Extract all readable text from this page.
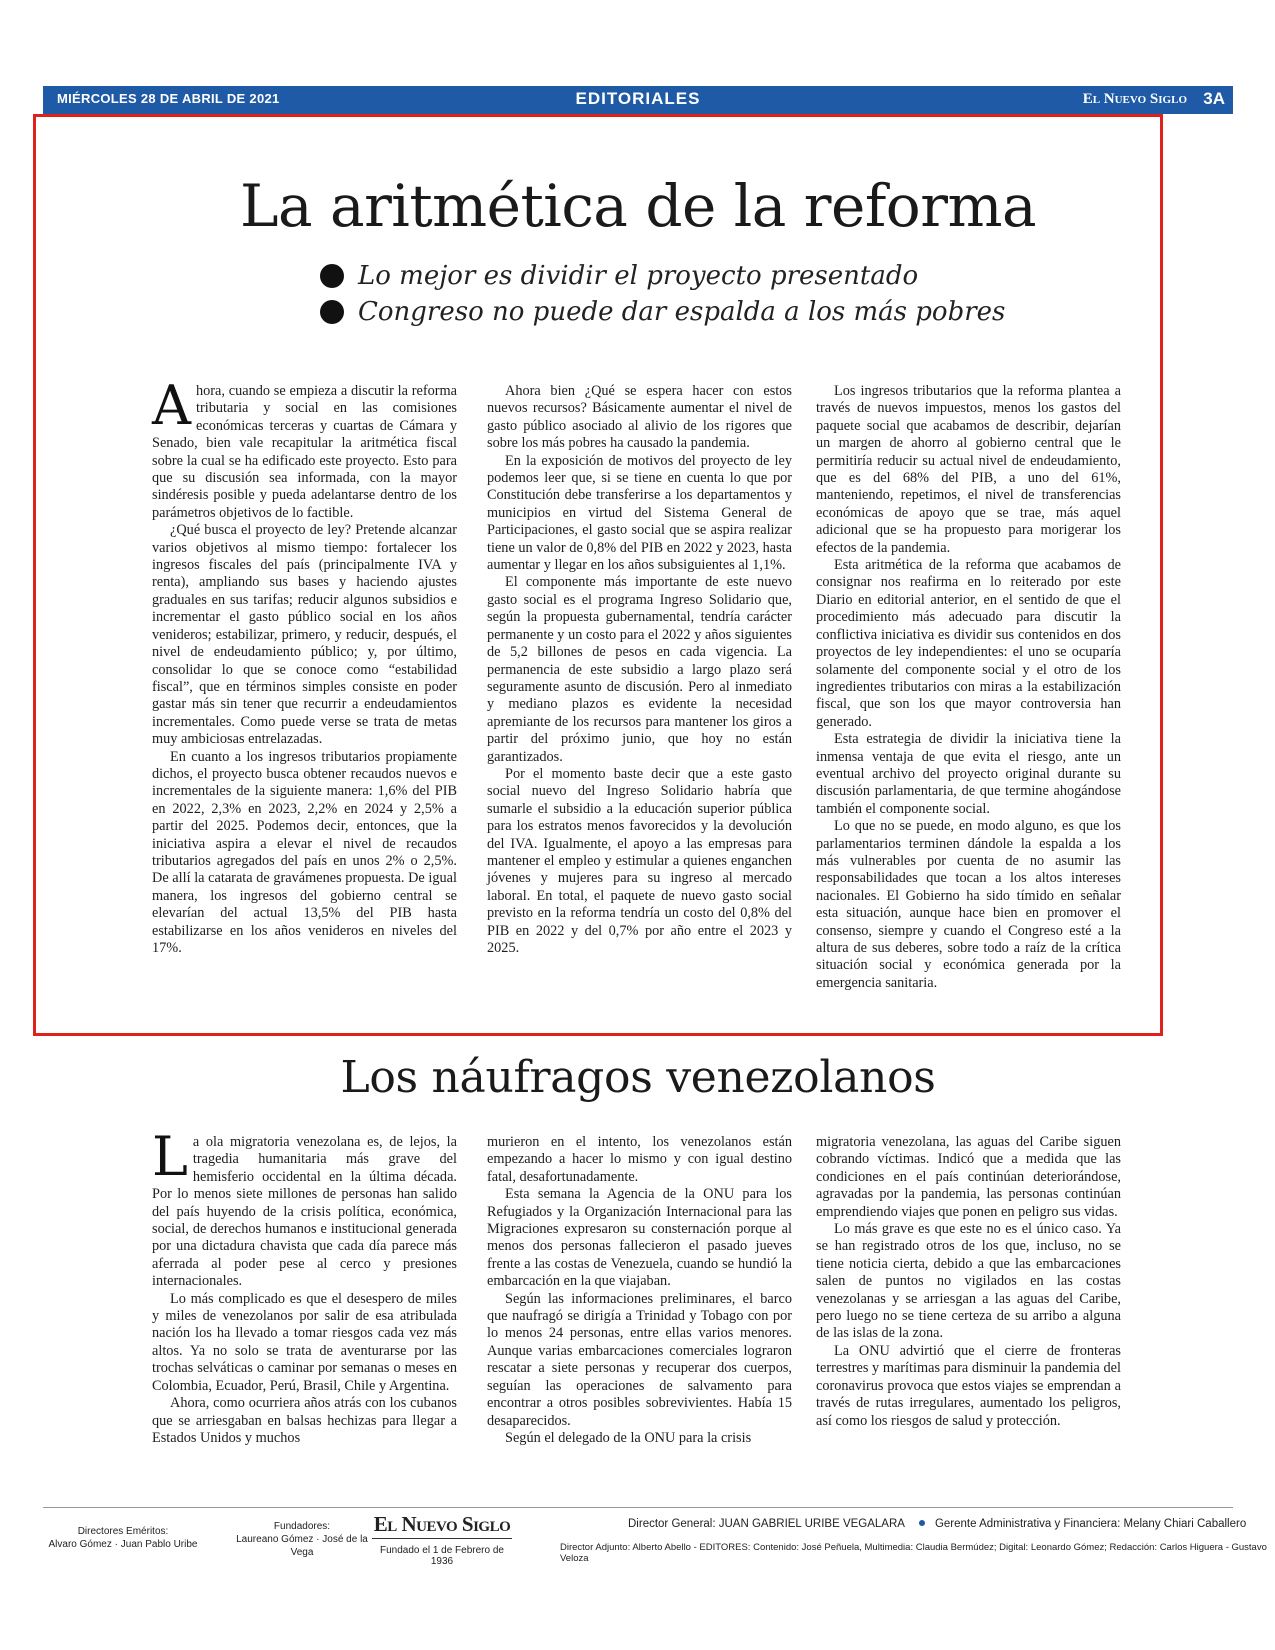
MIÉRCOLES 28 DE ABRIL DE 2021	EDITORIALES	El Nuevo Siglo 3A
La aritmética de la reforma
Lo mejor es dividir el proyecto presentado
Congreso no puede dar espalda a los más pobres

Ahora, cuando se empieza a discutir la reforma tributaria y social en las comisiones económicas terceras y cuartas de Cámara y Senado, bien vale recapitular la aritmética fiscal sobre la cual se ha edificado este proyecto. Esto para que su discusión sea informada, con la mayor sindéresis posible y pueda adelantarse dentro de los parámetros objetivos de lo factible.

¿Qué busca el proyecto de ley? Pretende alcanzar varios objetivos al mismo tiempo: fortalecer los ingresos fiscales del país (principalmente IVA y renta), ampliando sus bases y haciendo ajustes graduales en sus tarifas; reducir algunos subsidios e incrementar el gasto público social en los años venideros; estabilizar, primero, y reducir, después, el nivel de endeudamiento público; y, por último, consolidar lo que se conoce como “estabilidad fiscal”, que en términos simples consiste en poder gastar más sin tener que recurrir a endeudamientos incrementales. Como puede verse se trata de metas muy ambiciosas entrelazadas.

En cuanto a los ingresos tributarios propiamente dichos, el proyecto busca obtener recaudos nuevos e incrementales de la siguiente manera: 1,6% del PIB en 2022, 2,3% en 2023, 2,2% en 2024 y 2,5% a partir del 2025. Podemos decir, entonces, que la iniciativa aspira a elevar el nivel de recaudos tributarios agregados del país en unos 2% o 2,5%. De allí la catarata de gravámenes propuesta. De igual manera, los ingresos del gobierno central se elevarían del actual 13,5% del PIB hasta estabilizarse en los años venideros en niveles del 17%.

Ahora bien ¿Qué se espera hacer con estos nuevos recursos? Básicamente aumentar el nivel de gasto público asociado al alivio de los rigores que sobre los más pobres ha causado la pandemia.

En la exposición de motivos del proyecto de ley podemos leer que, si se tiene en cuenta lo que por Constitución debe transferirse a los departamentos y municipios en virtud del Sistema General de Participaciones, el gasto social que se aspira realizar tiene un valor de 0,8% del PIB en 2022 y 2023, hasta aumentar y llegar en los años subsiguientes al 1,1%.

El componente más importante de este nuevo gasto social es el programa Ingreso Solidario que, según la propuesta gubernamental, tendría carácter permanente y un costo para el 2022 y años siguientes de 5,2 billones de pesos en cada vigencia. La permanencia de este subsidio a largo plazo será seguramente asunto de discusión. Pero al inmediato y mediano plazos es evidente la necesidad apremiante de los recursos para mantener los giros a partir del próximo junio, que hoy no están garantizados.

Por el momento baste decir que a este gasto social nuevo del Ingreso Solidario habría que sumarle el subsidio a la educación superior pública para los estratos menos favorecidos y la devolución del IVA. Igualmente, el apoyo a las empresas para mantener el empleo y estimular a quienes enganchen jóvenes y mujeres para su ingreso al mercado laboral. En total, el paquete de nuevo gasto social previsto en la reforma tendría un costo del 0,8% del PIB en 2022 y del 0,7% por año entre el 2023 y 2025.

Los ingresos tributarios que la reforma plantea a través de nuevos impuestos, menos los gastos del paquete social que acabamos de describir, dejarían un margen de ahorro al gobierno central que le permitiría reducir su actual nivel de endeudamiento, que es del 68% del PIB, a uno del 61%, manteniendo, repetimos, el nivel de transferencias económicas de apoyo que se trae, más aquel adicional que se ha propuesto para morigerar los efectos de la pandemia.

Esta aritmética de la reforma que acabamos de consignar nos reafirma en lo reiterado por este Diario en editorial anterior, en el sentido de que el procedimiento más adecuado para discutir la conflictiva iniciativa es dividir sus contenidos en dos proyectos de ley independientes: el uno se ocuparía solamente del componente social y el otro de los ingredientes tributarios con miras a la estabilización fiscal, que son los que mayor controversia han generado.

Esta estrategia de dividir la iniciativa tiene la inmensa ventaja de que evita el riesgo, ante un eventual archivo del proyecto original durante su discusión parlamentaria, de que termine ahogándose también el componente social.

Lo que no se puede, en modo alguno, es que los parlamentarios terminen dándole la espalda a los más vulnerables por cuenta de no asumir las responsabilidades que tocan a los altos intereses nacionales. El Gobierno ha sido tímido en señalar esta situación, aunque hace bien en promover el consenso, siempre y cuando el Congreso esté a la altura de sus deberes, sobre todo a raíz de la crítica situación social y económica generada por la emergencia sanitaria.

Los náufragos venezolanos

La ola migratoria venezolana es, de lejos, la tragedia humanitaria más grave del hemisferio occidental en la última década. Por lo menos siete millones de personas han salido del país huyendo de la crisis política, económica, social, de derechos humanos e institucional generada por una dictadura chavista que cada día parece más aferrada al poder pese al cerco y presiones internacionales.

Lo más complicado es que el desespero de miles y miles de venezolanos por salir de esa atribulada nación los ha llevado a tomar riesgos cada vez más altos. Ya no solo se trata de aventurarse por las trochas selváticas o caminar por semanas o meses en Colombia, Ecuador, Perú, Brasil, Chile y Argentina.

Ahora, como ocurriera años atrás con los cubanos que se arriesgaban en balsas hechizas para llegar a Estados Unidos y muchos

murieron en el intento, los venezolanos están empezando a hacer lo mismo y con igual destino fatal, desafortunadamente.

Esta semana la Agencia de la ONU para los Refugiados y la Organización Internacional para las Migraciones expresaron su consternación porque al menos dos personas fallecieron el pasado jueves frente a las costas de Venezuela, cuando se hundió la embarcación en la que viajaban.

Según las informaciones preliminares, el barco que naufragó se dirigía a Trinidad y Tobago con por lo menos 24 personas, entre ellas varios menores. Aunque varias embarcaciones comerciales lograron rescatar a siete personas y recuperar dos cuerpos, seguían las operaciones de salvamento para encontrar a otros posibles sobrevivientes. Había 15 desaparecidos.

Según el delegado de la ONU para la crisis

migratoria venezolana, las aguas del Caribe siguen cobrando víctimas. Indicó que a medida que las condiciones en el país continúan deteriorándose, agravadas por la pandemia, las personas continúan emprendiendo viajes que ponen en peligro sus vidas.

Lo más grave es que este no es el único caso. Ya se han registrado otros de los que, incluso, no se tiene noticia cierta, debido a que las embarcaciones salen de puntos no vigilados en las costas venezolanas y se arriesgan a las aguas del Caribe, pero luego no se tiene certeza de su arribo a alguna de las islas de la zona.

La ONU advirtió que el cierre de fronteras terrestres y marítimas para disminuir la pandemia del coronavirus provoca que estos viajes se emprendan a través de rutas irregulares, aumentado los peligros, así como los riesgos de salud y protección.

Directores Eméritos:
Alvaro Gómez · Juan Pablo Uribe
Fundadores:
Laureano Gómez · José de la Vega
El Nuevo Siglo
Fundado el 1 de Febrero de 1936
Director General: JUAN GABRIEL URIBE VEGALARA	Gerente Administrativa y Financiera: Melany Chiari Caballero
Director Adjunto: Alberto Abello - EDITORES: Contenido: José Peñuela, Multimedia: Claudia Bermúdez; Digital: Leonardo Gómez; Redacción: Carlos Higuera - Gustavo Veloza
